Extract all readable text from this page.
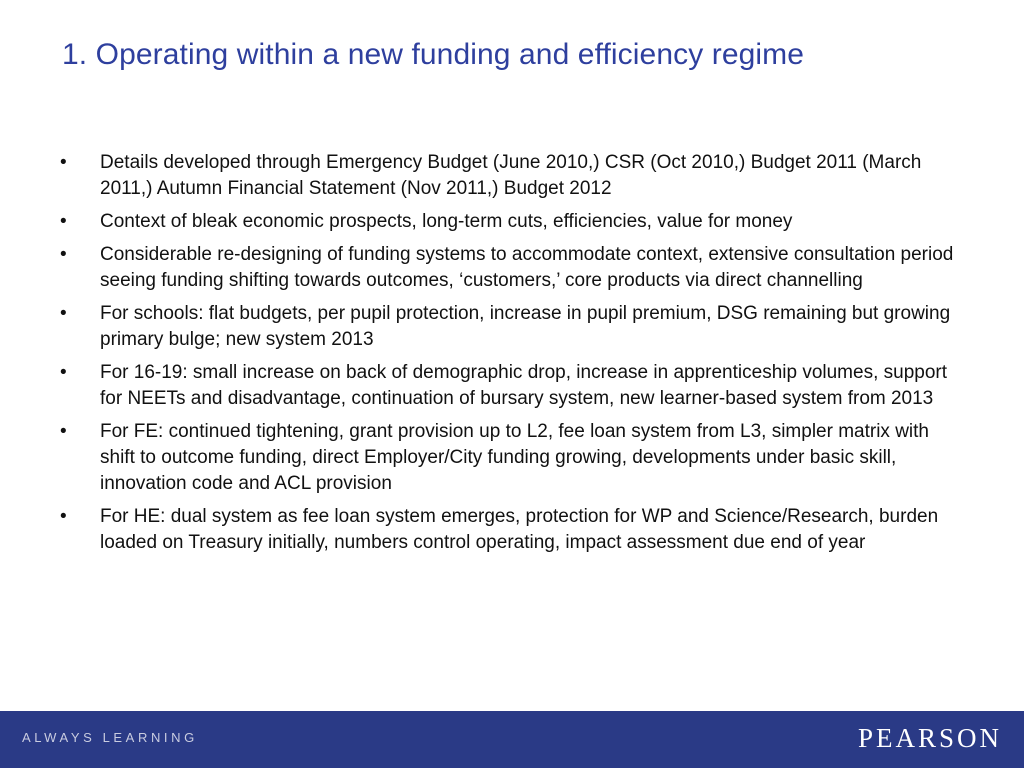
1. Operating within a new funding and efficiency regime
•	Details developed through Emergency Budget (June 2010,) CSR (Oct 2010,) Budget 2011 (March 2011,) Autumn Financial Statement (Nov 2011,) Budget 2012
•	Context of bleak economic prospects, long-term cuts, efficiencies, value for money
•	Considerable re-designing of funding systems to accommodate context, extensive consultation period seeing funding shifting towards outcomes, ‘customers,’ core products via direct channelling
•	For schools: flat budgets, per pupil protection, increase in pupil premium, DSG remaining but growing primary bulge; new system 2013
•	For 16-19: small increase on back of demographic drop, increase in apprenticeship volumes, support for NEETs and disadvantage, continuation of bursary system, new learner-based system from 2013
•	For FE: continued tightening, grant provision up to L2, fee loan system from L3, simpler matrix with shift to outcome funding, direct Employer/City funding growing, developments under basic skill, innovation code and ACL provision
•	For HE: dual system as fee loan system emerges, protection for WP and Science/Research, burden loaded on Treasury initially, numbers control operating, impact assessment due end of year
ALWAYS LEARNING	PEARSON
